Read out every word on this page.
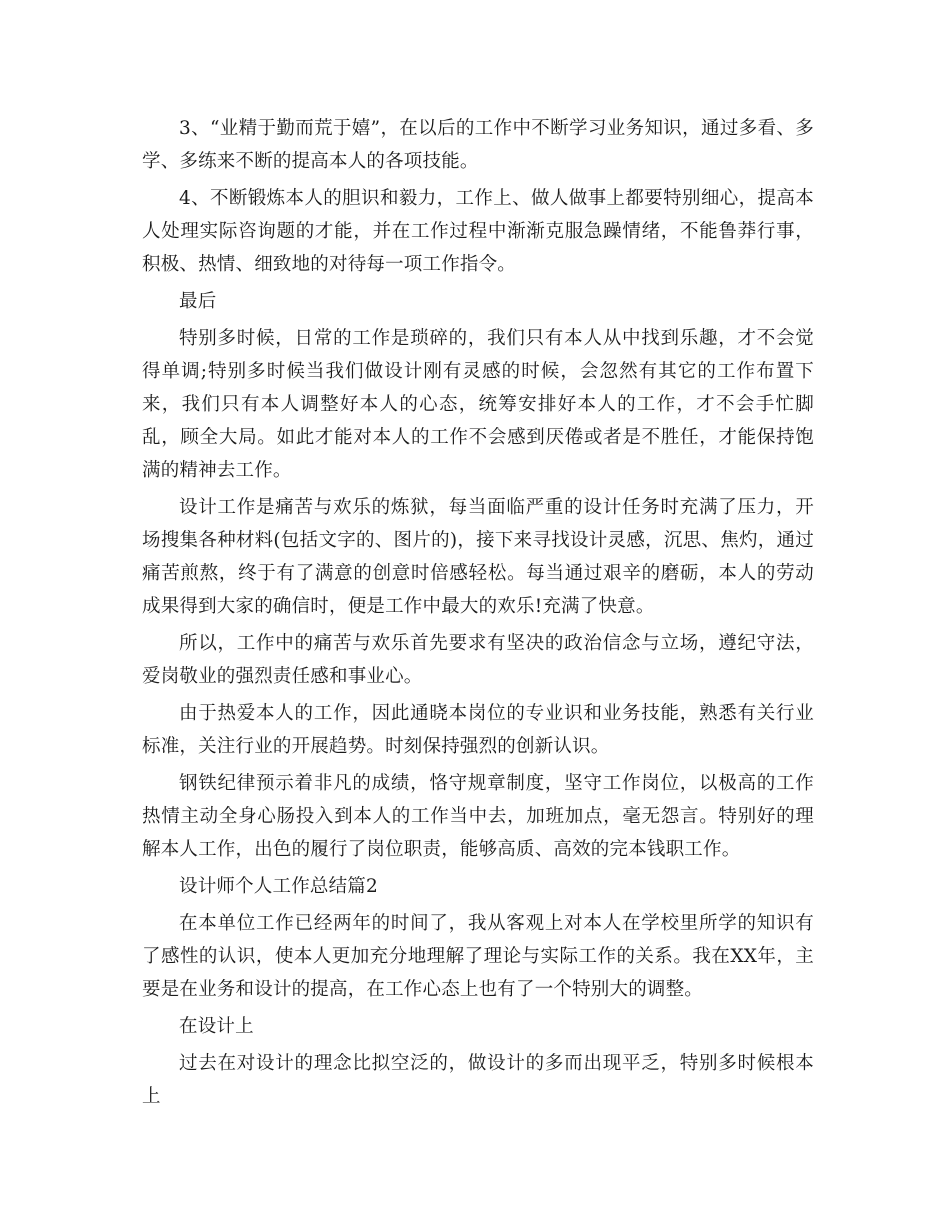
3、“业精于勤而荒于嬉”，在以后的工作中不断学习业务知识，通过多看、多学、多练来不断的提高本人的各项技能。

4、不断锻炼本人的胆识和毅力，工作上、做人做事上都要特别细心，提高本人处理实际咨询题的才能，并在工作过程中渐渐克服急躁情绪，不能鲁莽行事，积极、热情、细致地的对待每一项工作指令。

最后

特别多时候，日常的工作是琐碎的，我们只有本人从中找到乐趣，才不会觉得单调;特别多时候当我们做设计刚有灵感的时候，会忽然有其它的工作布置下来，我们只有本人调整好本人的心态，统筹安排好本人的工作，才不会手忙脚乱，顾全大局。如此才能对本人的工作不会感到厌倦或者是不胜任，才能保持饱满的精神去工作。

设计工作是痛苦与欢乐的炼狱，每当面临严重的设计任务时充满了压力，开场搜集各种材料(包括文字的、图片的)，接下来寻找设计灵感，沉思、焦灼，通过痛苦煎熬，终于有了满意的创意时倍感轻松。每当通过艰辛的磨砺，本人的劳动成果得到大家的确信时，便是工作中最大的欢乐!充满了快意。

所以，工作中的痛苦与欢乐首先要求有坚决的政治信念与立场，遵纪守法，爱岗敬业的强烈责任感和事业心。

由于热爱本人的工作，因此通晓本岗位的专业识和业务技能，熟悉有关行业标准，关注行业的开展趋势。时刻保持强烈的创新认识。

钢铁纪律预示着非凡的成绩，恪守规章制度，坚守工作岗位，以极高的工作热情主动全身心肠投入到本人的工作当中去，加班加点，毫无怨言。特别好的理解本人工作，出色的履行了岗位职责，能够高质、高效的完本钱职工作。

设计师个人工作总结篇2

在本单位工作已经两年的时间了，我从客观上对本人在学校里所学的知识有了感性的认识，使本人更加充分地理解了理论与实际工作的关系。我在XX年，主要是在业务和设计的提高，在工作心态上也有了一个特别大的调整。

在设计上

过去在对设计的理念比拟空泛的，做设计的多而出现平乏，特别多时候根本上
